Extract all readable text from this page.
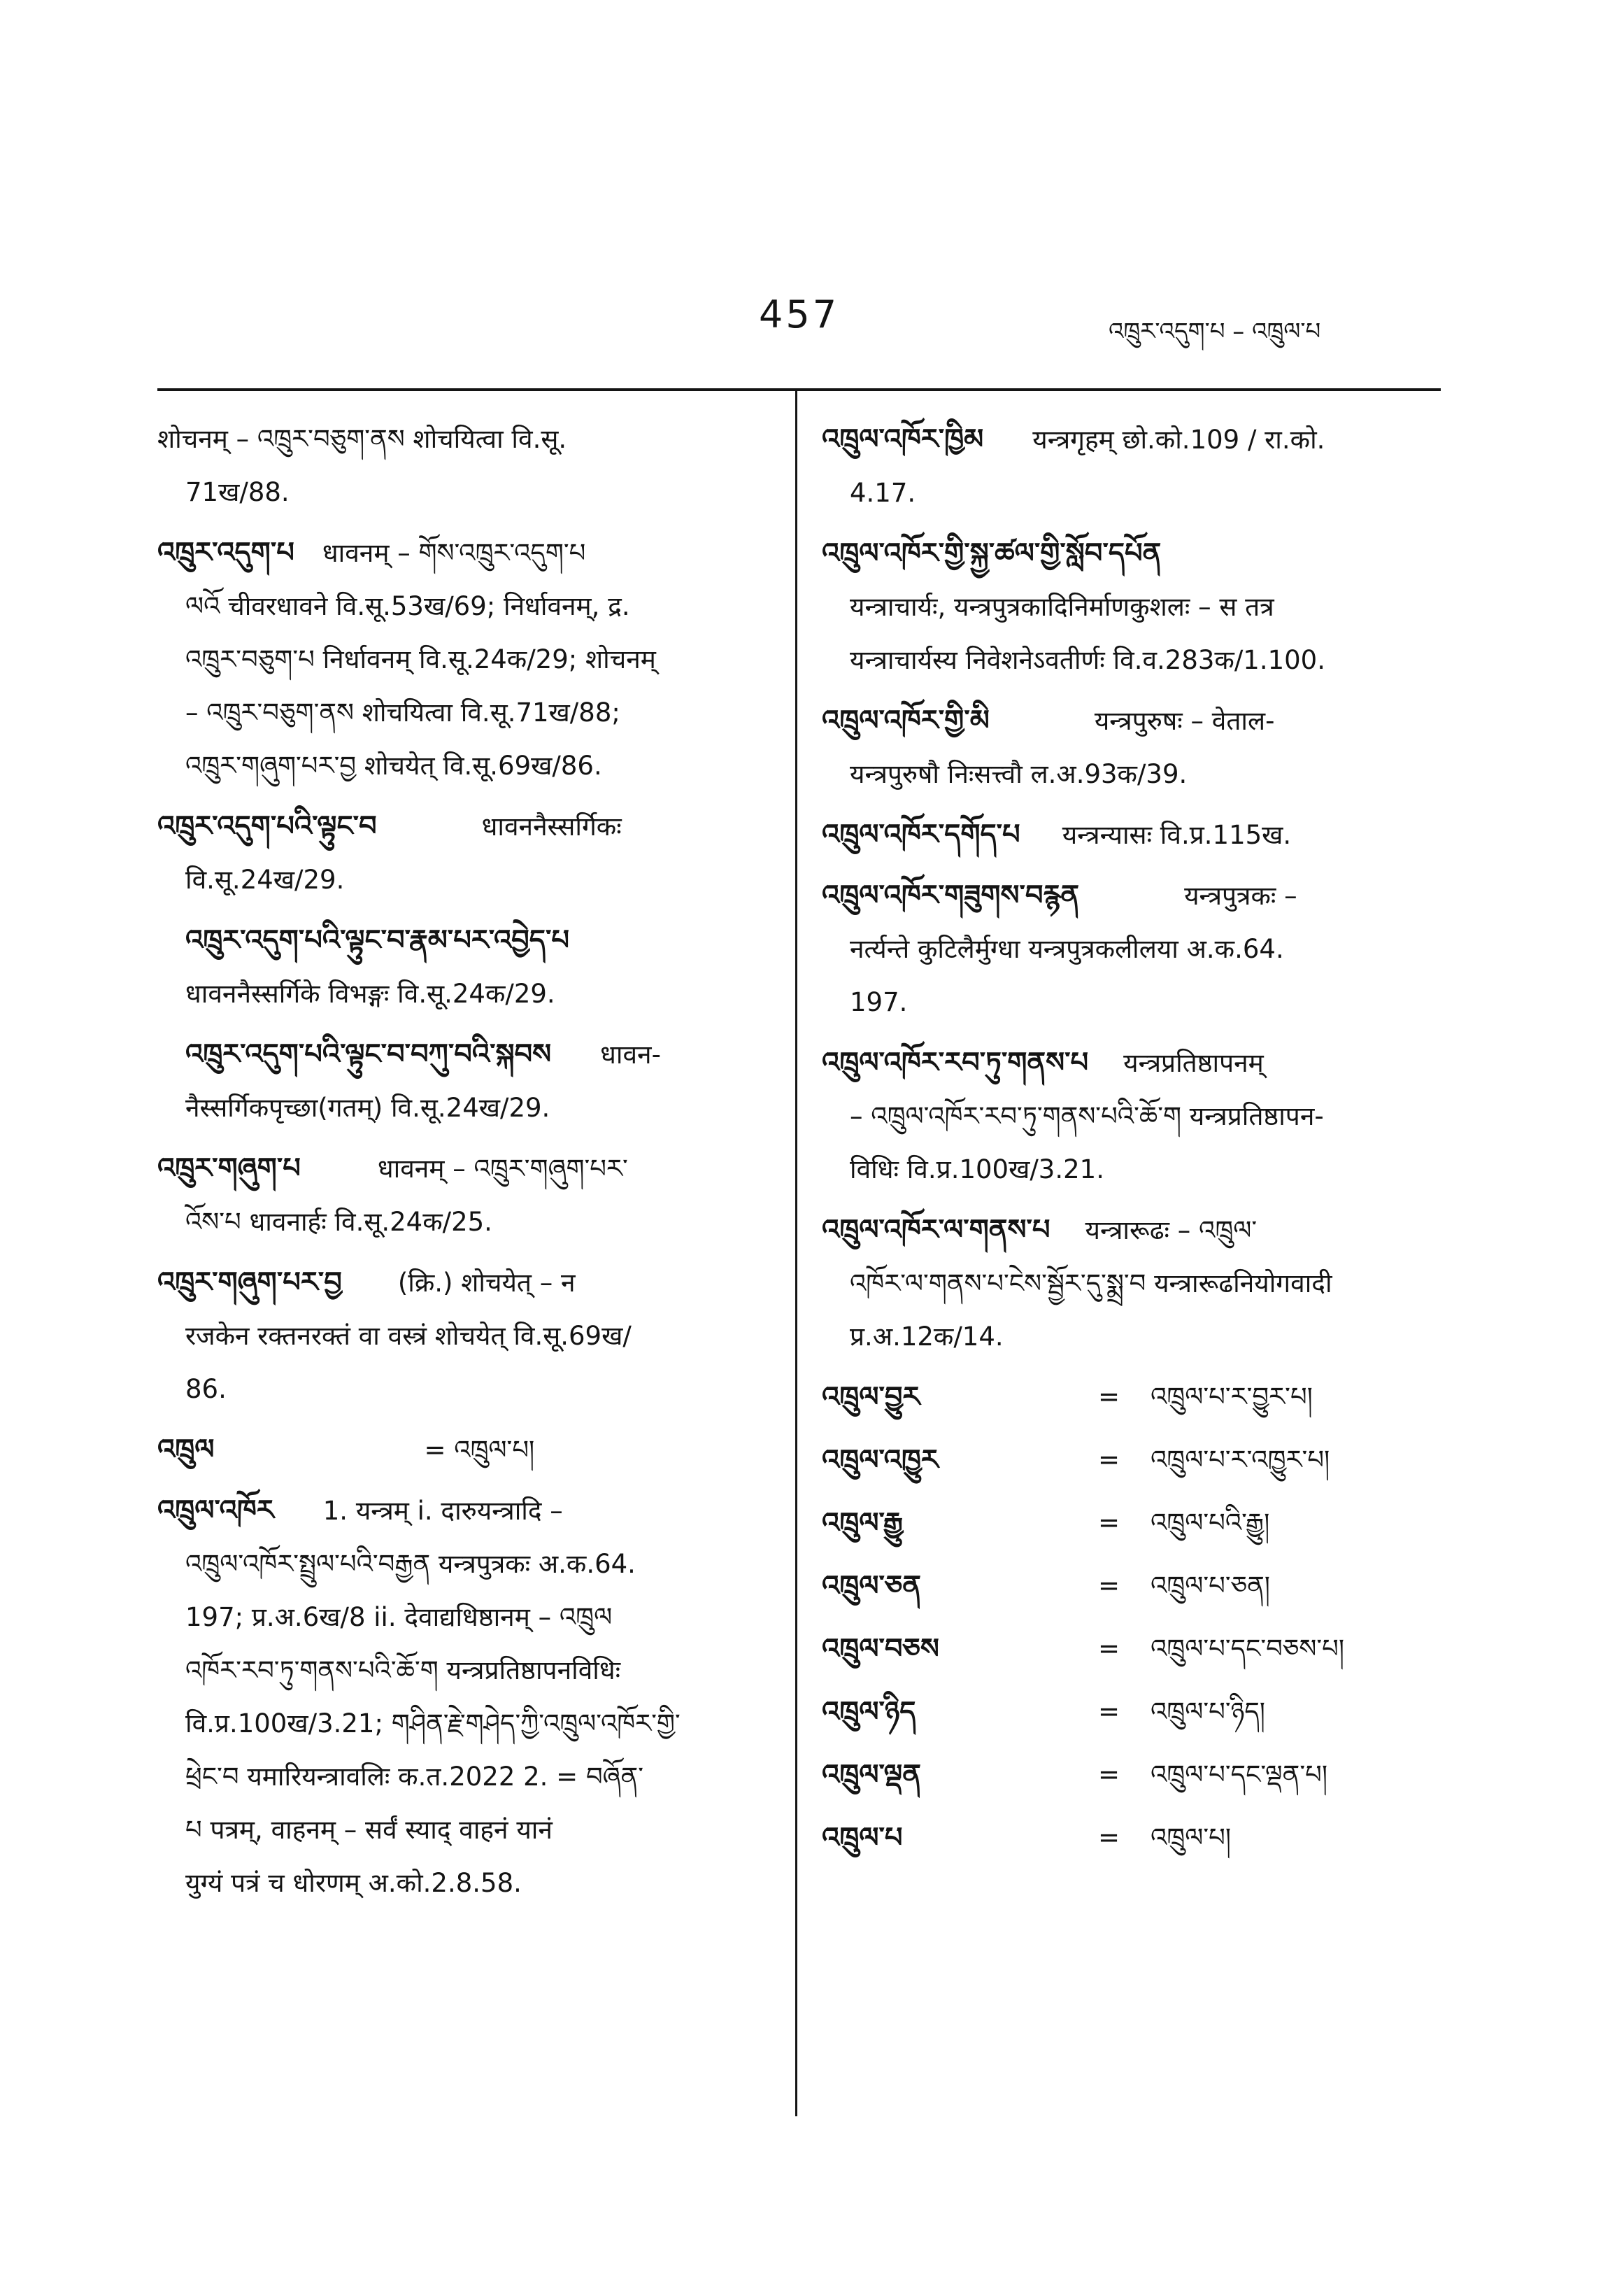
457	འཁྲུར་འདུག་པ – འཁྲུལ་པ
शोचनम् – འཁྲུར་བཅུག་ནས शोचयित्वा वि.सू.
71ख/88.
འཁྲུར་འདུག་པ धावनम् – གོས་འཁྲུར་འདུག་པ
ལའོ चीवरधावने वि.सू.53ख/69; निर्धावनम्, द्र.
འཁྲུར་བཅུག་པ निर्धावनम् वि.सू.24क/29; शोचनम्
– འཁྲུར་བཅུག་ནས शोचयित्वा वि.सू.71ख/88;
འཁྲུར་གཞུག་པར་བྱ शोचयेत् वि.सू.69ख/86.
འཁྲུར་འདུག་པའི་ལྟུང་བ	धावननैस्सर्गिकः
वि.सू.24ख/29.
འཁྲུར་འདུག་པའི་ལྟུང་བ་རྣམ་པར་འབྱེད་པ
धावननैस्सर्गिके विभङ्गः वि.सू.24क/29.
འཁྲུར་འདུག་པའི་ལྟུང་བ་བཀུ་བའི་སྐབས धावन-
नैस्सर्गिकपृच्छा(गतम्) वि.सू.24ख/29.
འཁྲུར་གཞུག་པ	धावनम् – འཁྲུར་གཞུག་པར་
འོས་པ धावनार्हः वि.सू.24क/25.
འཁྲུར་གཞུག་པར་བྱ (क्रि.) शोचयेत् – न
रजकेन रक्तनरक्तं वा वस्त्रं शोचयेत् वि.सू.69ख/
86.
འཁྲུལ	= འཁྲུལ་པ།
འཁྲུལ་འཁོར 1. यन्त्रम् i. दारुयन्त्रादि –
འཁྲུལ་འཁོར་སྤྲུལ་པའི་བརྒྱན यन्त्रपुत्रकः अ.क.64.
197; प्र.अ.6ख/8 ii. देवाद्यधिष्ठानम् – འཁྲུལ
འཁོར་རབ་ཏུ་གནས་པའི་ཆོ་ག यन्त्रप्रतिष्ठापनविधिः
वि.प्र.100ख/3.21; གཤིན་རྗེ་གཤེད་ཀྱི་འཁྲུལ་འཁོར་གྱི་
ཕྲེང་བ यमारियन्त्रावलिः क.त.2022 2. = བཞོན་
པ पत्रम्, वाहनम् – सर्वं स्याद् वाहनं यानं
युग्यं पत्रं च धोरणम् अ.को.2.8.58.
འཁྲུལ་འཁོར་ཁྱིམ यन्त्रगृहम् छो.को.109 / रा.को.
4.17.
འཁྲུལ་འཁོར་གྱི་སྐྱ་ཚལ་གྱི་སློབ་དཔོན
यन्त्राचार्यः, यन्त्रपुत्रकादिनिर्माणकुशलः – स तत्र
यन्त्राचार्यस्य निवेशनेऽवतीर्णः वि.व.283क/1.100.
འཁྲུལ་འཁོར་གྱི་མི	यन्त्रपुरुषः – वेताल-
यन्त्रपुरुषौ निःसत्त्वौ ल.अ.93क/39.
འཁྲུལ་འཁོར་དགོད་པ यन्त्रन्यासः वि.प्र.115ख.
འཁྲུལ་འཁོར་གཟུགས་བརྙན	यन्त्रपुत्रकः –
नर्त्यन्ते कुटिलैर्मुग्धा यन्त्रपुत्रकलीलया अ.क.64.
197.
འཁྲུལ་འཁོར་རབ་ཏུ་གནས་པ यन्त्रप्रतिष्ठापनम्
– འཁྲུལ་འཁོར་རབ་ཏུ་གནས་པའི་ཆོ་ག यन्त्रप्रतिष्ठापन-
विधिः वि.प्र.100ख/3.21.
འཁྲུལ་འཁོར་ལ་གནས་པ यन्त्रारूढः – འཁྲུལ་
འཁོར་ལ་གནས་པ་ངེས་སྦྱོར་དུ་སྨྲ་བ यन्त्रारूढनियोगवादी
प्र.अ.12क/14.
འཁྲུལ་བྱུར	=	འཁྲུལ་པ་ར་བྱུར་པ།
འཁྲུལ་འཁྱུར	=	འཁྲུལ་པ་ར་འཁྱུར་པ།
འཁྲུལ་རྒྱུ	=	འཁྲུལ་པའི་རྒྱུ།
འཁྲུལ་ཅན	=	འཁྲུལ་པ་ཅན།
འཁྲུལ་བཅས	=	འཁྲུལ་པ་དང་བཅས་པ།
འཁྲུལ་ཉིད	=	འཁྲུལ་པ་ཉིད།
འཁྲུལ་ལྡན	=	འཁྲུལ་པ་དང་ལྡན་པ།
འཁྲུལ་པ	=	འཁྲུལ་པ།
